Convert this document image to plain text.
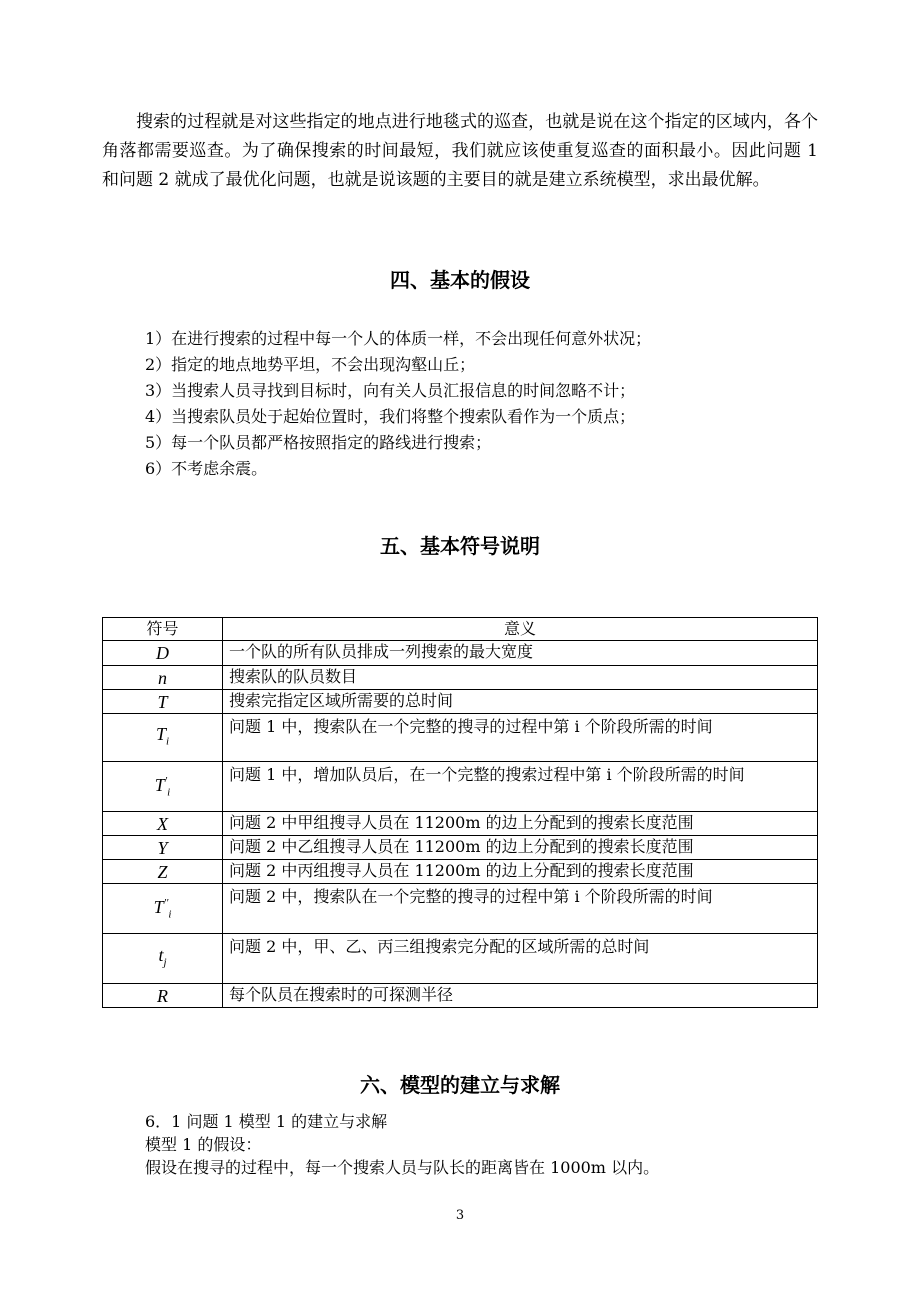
搜索的过程就是对这些指定的地点进行地毯式的巡查，也就是说在这个指定的区域内，各个角落都需要巡查。为了确保搜索的时间最短，我们就应该使重复巡查的面积最小。因此问题 1 和问题 2 就成了最优化问题，也就是说该题的主要目的就是建立系统模型，求出最优解。

四、基本的假设
1）在进行搜索的过程中每一个人的体质一样，不会出现任何意外状况；
2）指定的地点地势平坦，不会出现沟壑山丘；
3）当搜索人员寻找到目标时，向有关人员汇报信息的时间忽略不计；
4）当搜索队员处于起始位置时，我们将整个搜索队看作为一个质点；
5）每一个队员都严格按照指定的路线进行搜索；
6）不考虑余震。
五、基本符号说明
符号	意义
D	一个队的所有队员排成一列搜索的最大宽度
n	搜索队的队员数目
T	搜索完指定区域所需要的总时间
$T_i$	问题 1 中，搜索队在一个完整的搜寻的过程中第 i 个阶段所需的时间
$T'_i$	问题 1 中，增加队员后，在一个完整的搜索过程中第 i 个阶段所需的时间
X	问题 2 中甲组搜寻人员在 11200m 的边上分配到的搜索长度范围
Y	问题 2 中乙组搜寻人员在 11200m 的边上分配到的搜索长度范围
Z	问题 2 中丙组搜寻人员在 11200m 的边上分配到的搜索长度范围
$T''_i$	问题 2 中，搜索队在一个完整的搜寻的过程中第 i 个阶段所需的时间
$t_j$	问题 2 中，甲、乙、丙三组搜索完分配的区域所需的总时间
R	每个队员在搜索时的可探测半径
六、模型的建立与求解

6．1 问题 1 模型 1 的建立与求解

模型 1 的假设：

假设在搜寻的过程中，每一个搜索人员与队长的距离皆在 1000m 以内。

3
